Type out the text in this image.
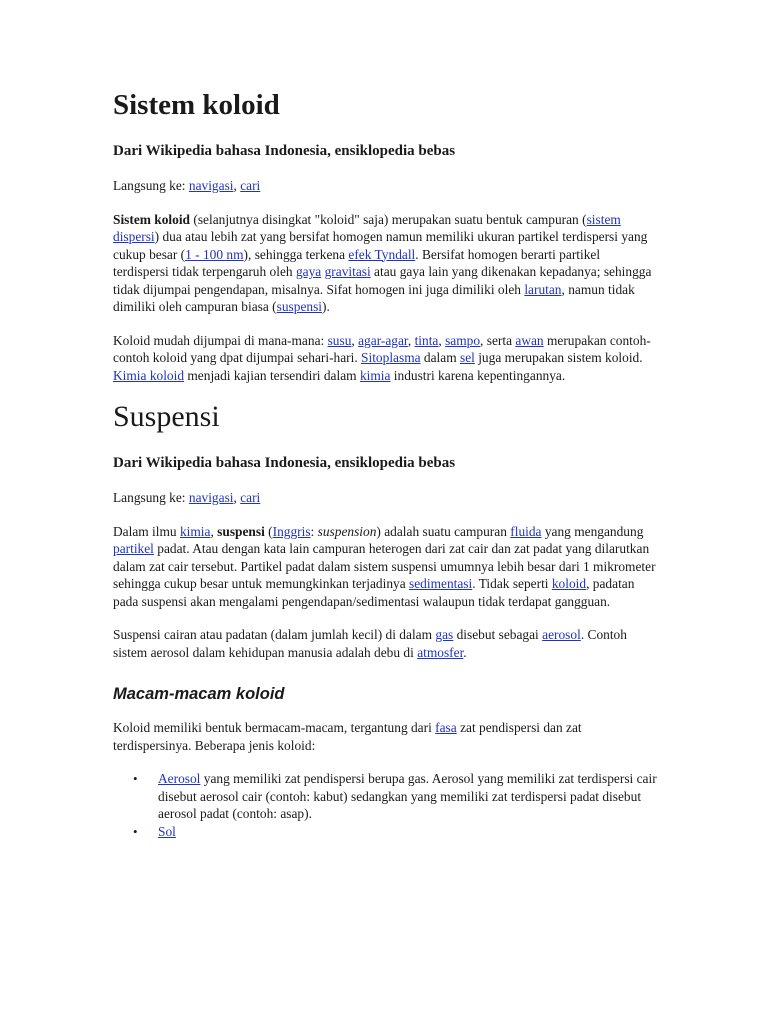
Sistem koloid

Dari Wikipedia bahasa Indonesia, ensiklopedia bebas

Langsung ke: navigasi, cari

Sistem koloid (selanjutnya disingkat "koloid" saja) merupakan suatu bentuk campuran (sistem dispersi) dua atau lebih zat yang bersifat homogen namun memiliki ukuran partikel terdispersi yang cukup besar (1 - 100 nm), sehingga terkena efek Tyndall. Bersifat homogen berarti partikel terdispersi tidak terpengaruh oleh gaya gravitasi atau gaya lain yang dikenakan kepadanya; sehingga tidak dijumpai pengendapan, misalnya. Sifat homogen ini juga dimiliki oleh larutan, namun tidak dimiliki oleh campuran biasa (suspensi).

Koloid mudah dijumpai di mana-mana: susu, agar-agar, tinta, sampo, serta awan merupakan contoh-contoh koloid yang dpat dijumpai sehari-hari. Sitoplasma dalam sel juga merupakan sistem koloid. Kimia koloid menjadi kajian tersendiri dalam kimia industri karena kepentingannya.

Suspensi

Dari Wikipedia bahasa Indonesia, ensiklopedia bebas

Langsung ke: navigasi, cari

Dalam ilmu kimia, suspensi (Inggris: suspension) adalah suatu campuran fluida yang mengandung partikel padat. Atau dengan kata lain campuran heterogen dari zat cair dan zat padat yang dilarutkan dalam zat cair tersebut. Partikel padat dalam sistem suspensi umumnya lebih besar dari 1 mikrometer sehingga cukup besar untuk memungkinkan terjadinya sedimentasi. Tidak seperti koloid, padatan pada suspensi akan mengalami pengendapan/sedimentasi walaupun tidak terdapat gangguan.

Suspensi cairan atau padatan (dalam jumlah kecil) di dalam gas disebut sebagai aerosol. Contoh sistem aerosol dalam kehidupan manusia adalah debu di atmosfer.

Macam-macam koloid

Koloid memiliki bentuk bermacam-macam, tergantung dari fasa zat pendispersi dan zat terdispersinya. Beberapa jenis koloid:

• Aerosol yang memiliki zat pendispersi berupa gas. Aerosol yang memiliki zat terdispersi cair disebut aerosol cair (contoh: kabut) sedangkan yang memiliki zat terdispersi padat disebut aerosol padat (contoh: asap).
• Sol
